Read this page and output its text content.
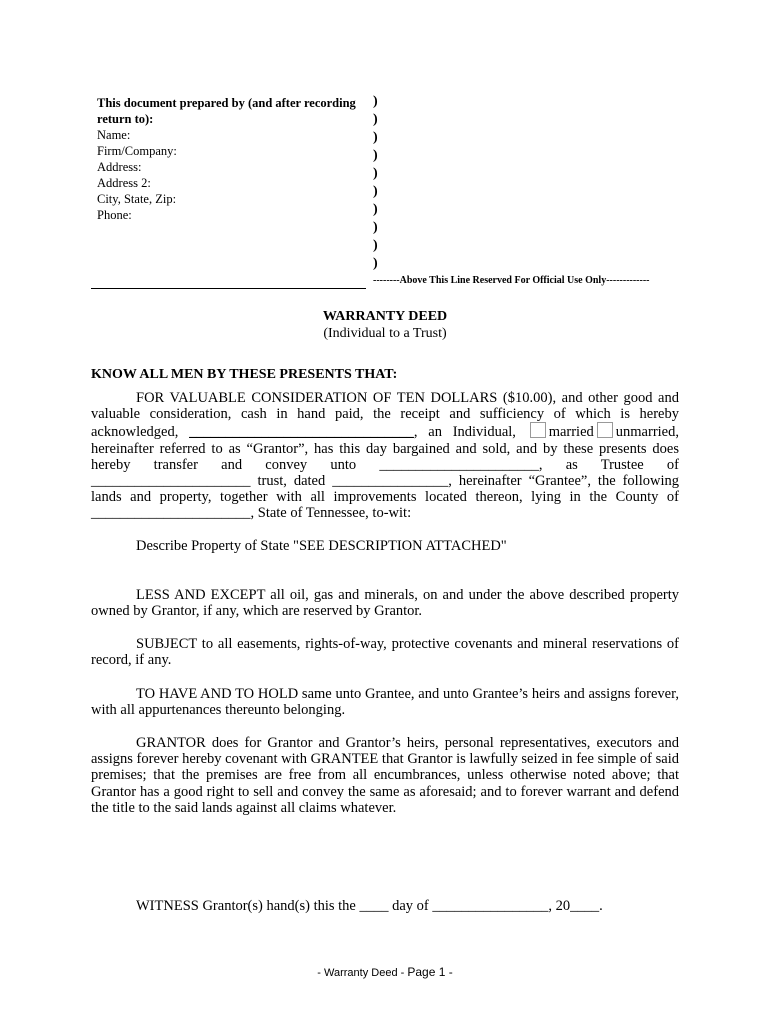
This document prepared by (and after recording return to):
Name:
Firm/Company:
Address:
Address 2:
City, State, Zip:
Phone:
)
)
)
)
)
)
)
)
)
)
--------Above This Line Reserved For Official Use Only-------------
WARRANTY DEED
(Individual to a Trust)
KNOW ALL MEN BY THESE PRESENTS THAT:
FOR VALUABLE CONSIDERATION OF TEN DOLLARS ($10.00), and other good and valuable consideration, cash in hand paid, the receipt and sufficiency of which is hereby acknowledged, _______________________________, an Individual, married unmarried, hereinafter referred to as “Grantor”, has this day bargained and sold, and by these presents does hereby transfer and convey unto ______________________, as Trustee of ______________________ trust, dated ________________, hereinafter “Grantee”, the following lands and property, together with all improvements located thereon, lying in the County of ______________________, State of Tennessee, to-wit:
Describe Property of State "SEE DESCRIPTION ATTACHED"
LESS AND EXCEPT all oil, gas and minerals, on and under the above described property owned by Grantor, if any, which are reserved by Grantor.
SUBJECT to all easements, rights-of-way, protective covenants and mineral reservations of record, if any.
TO HAVE AND TO HOLD same unto Grantee, and unto Grantee’s heirs and assigns forever, with all appurtenances thereunto belonging.
GRANTOR does for Grantor and Grantor’s heirs, personal representatives, executors and assigns forever hereby covenant with GRANTEE that Grantor is lawfully seized in fee simple of said premises; that the premises are free from all encumbrances, unless otherwise noted above; that Grantor has a good right to sell and convey the same as aforesaid; and to forever warrant and defend the title to the said lands against all claims whatever.
WITNESS Grantor(s) hand(s) this the ____ day of ________________, 20____.
- Warranty Deed - Page 1 -
